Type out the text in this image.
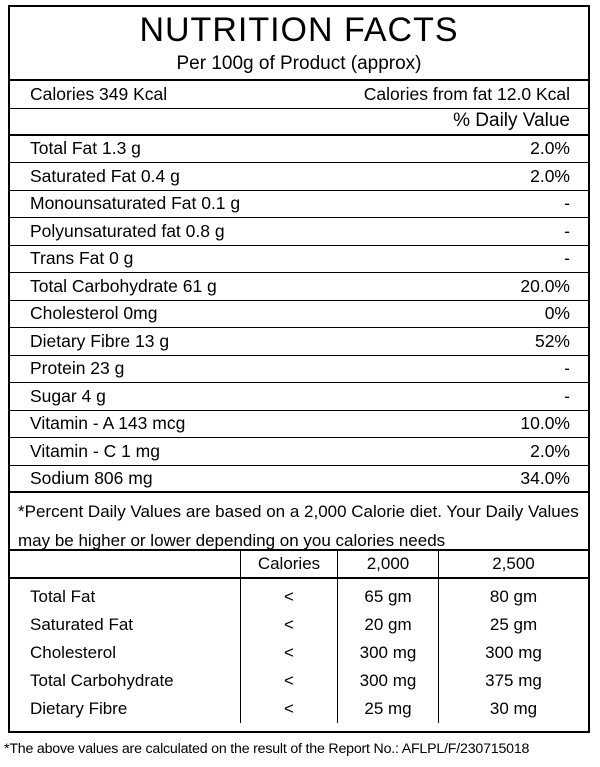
NUTRITION FACTS
Per 100g of Product (approx)
Calories 349 Kcal	Calories from fat 12.0 Kcal
% Daily Value
Total Fat 1.3 g	2.0%
Saturated Fat 0.4 g	2.0%
Monounsaturated Fat 0.1 g	-
Polyunsaturated fat 0.8 g	-
Trans Fat 0 g	-
Total Carbohydrate 61 g	20.0%
Cholesterol 0mg	0%
Dietary Fibre 13 g	52%
Protein 23 g	-
Sugar 4 g	-
Vitamin - A 143 mcg	10.0%
Vitamin - C 1 mg	2.0%
Sodium 806 mg	34.0%
*Percent Daily Values are based on a 2,000 Calorie diet. Your Daily Values may be higher or lower depending on you calories needs
	Calories	2,000	2,500

Total Fat	<	65 gm	80 gm
Saturated Fat	<	20 gm	25 gm
Cholesterol	<	300 mg	300 mg
Total Carbohydrate	<	300 mg	375 mg
Dietary Fibre	<	25 mg	30 mg
*The above values are calculated on the result of the Report No.: AFLPL/F/230715018
